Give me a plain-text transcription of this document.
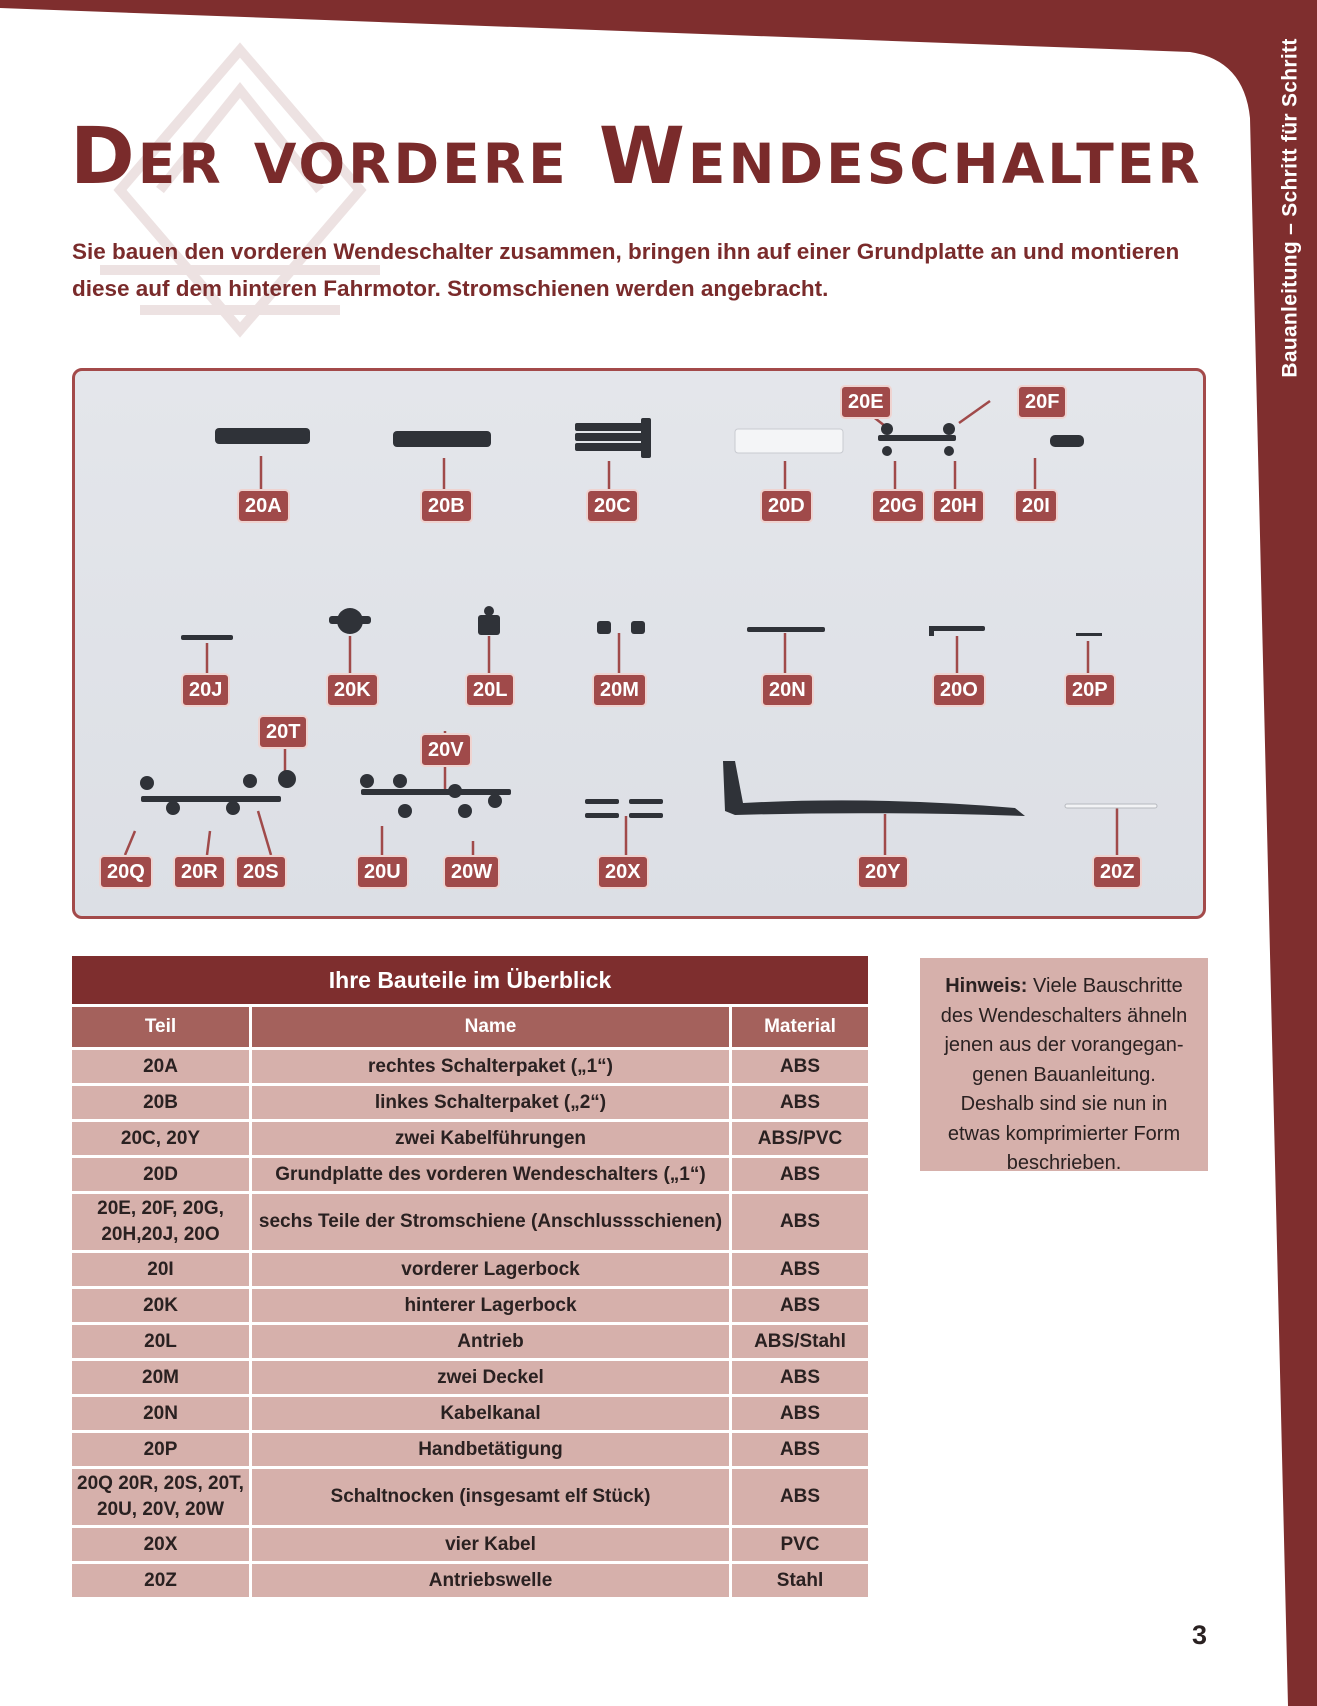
Bauanleitung – Schritt für Schritt
Der vordere Wendeschalter

Sie bauen den vorderen Wendeschalter zusammen, bringen ihn auf einer Grundplatte an und montieren diese auf dem hinteren Fahrmotor. Stromschienen werden angebracht.

20A	20B	20C	20D
20E	20F
20G	20H	20I
20J	20K	20L	20M	20N	20O	20P
20T
20V
20Q	20R	20S	20U	20W	20X	20Y	20Z
Ihre Bauteile im Überblick
Teil	Name	Material
20A	rechtes Schalterpaket („1“)	ABS
20B	linkes Schalterpaket („2“)	ABS
20C, 20Y	zwei Kabelführungen	ABS/PVC
20D	Grundplatte des vorderen Wendeschalters („1“)	ABS
20E, 20F, 20G, 20H,20J, 20O	sechs Teile der Stromschiene (Anschlussschienen)	ABS
20I	vorderer Lagerbock	ABS
20K	hinterer Lagerbock	ABS
20L	Antrieb	ABS/Stahl
20M	zwei Deckel	ABS
20N	Kabelkanal	ABS
20P	Handbetätigung	ABS
20Q 20R, 20S, 20T, 20U, 20V, 20W	Schaltnocken (insgesamt elf Stück)	ABS
20X	vier Kabel	PVC
20Z	Antriebswelle	Stahl
Hinweis: Viele Bauschritte des Wendeschalters ähneln jenen aus der vorangegangenen Bauanleitung. Deshalb sind sie nun in etwas komprimierter Form beschrieben.
3
